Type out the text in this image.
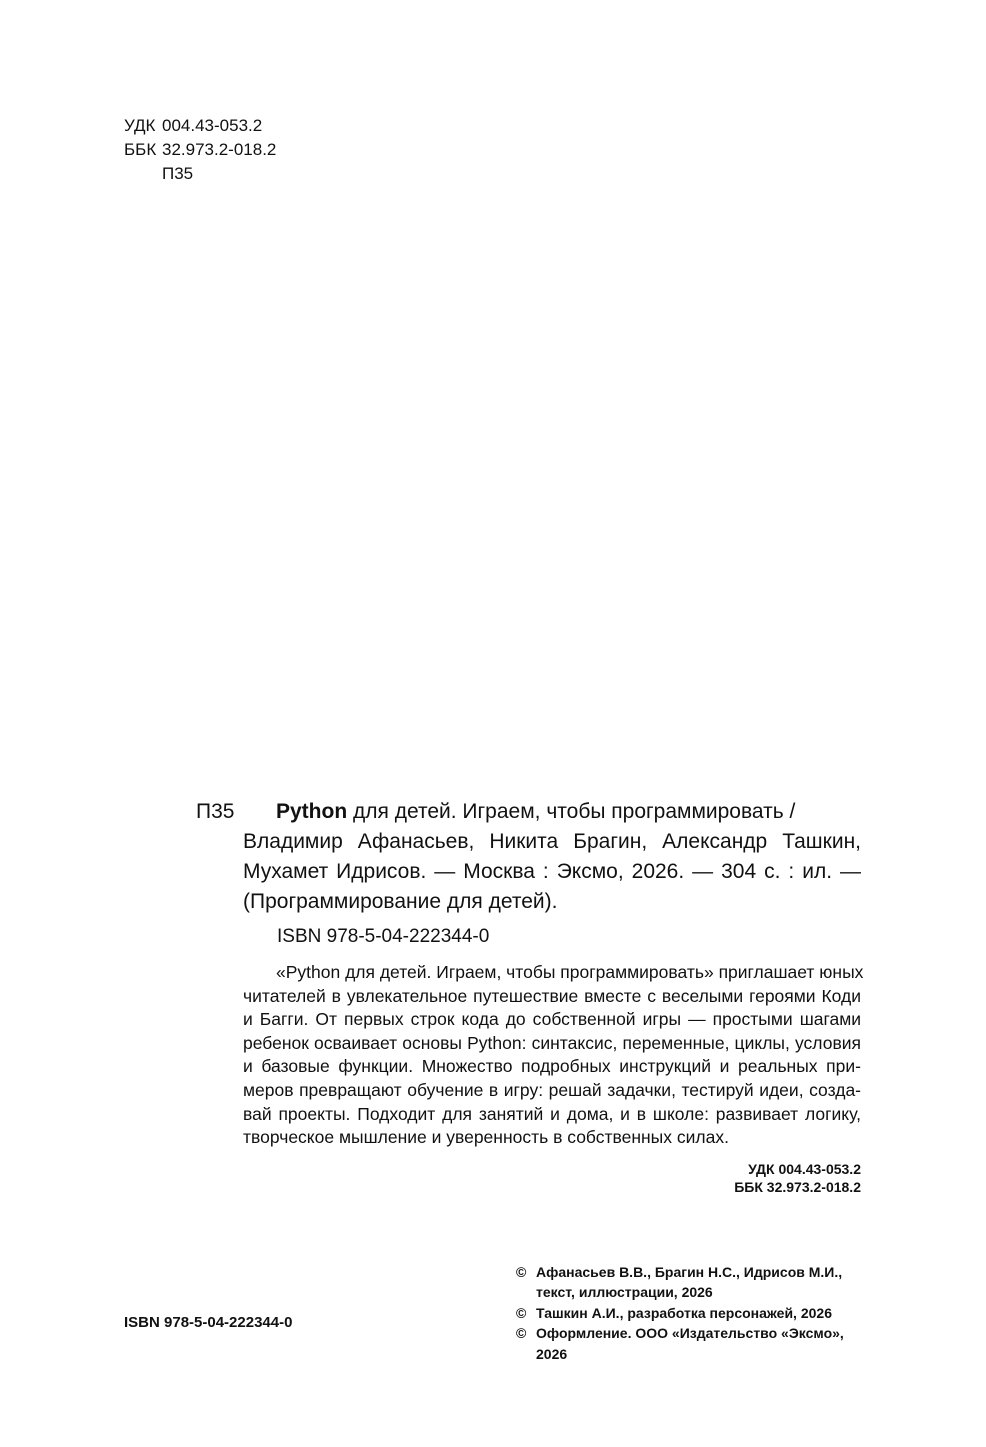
УДК 004.43-053.2
ББК 32.973.2-018.2
П35
П35	Python для детей. Играем, чтобы программировать /
Владимир Афанасьев, Никита Брагин, Александр Ташкин,
Мухамет Идрисов. — Москва : Эксмо, 2026. — 304 с. : ил. —
(Программирование для детей).
ISBN 978-5-04-222344-0
«Python для детей. Играем, чтобы программировать» приглашает юных
читателей в увлекательное путешествие вместе с веселыми героями Коди
и Багги. От первых строк кода до собственной игры — простыми шагами
ребенок осваивает основы Python: синтаксис, переменные, циклы, условия
и базовые функции. Множество подробных инструкций и реальных при-
меров превращают обучение в игру: решай задачки, тестируй идеи, созда-
вай проекты. Подходит для занятий и дома, и в школе: развивает логику,
творческое мышление и уверенность в собственных силах.
УДК 004.43-053.2
ББК 32.973.2-018.2
© Афанасьев В.В., Брагин Н.С., Идрисов М.И.,
текст, иллюстрации, 2026
© Ташкин А.И., разработка персонажей, 2026
© Оформление. ООО «Издательство «Эксмо», 2026
ISBN 978-5-04-222344-0
